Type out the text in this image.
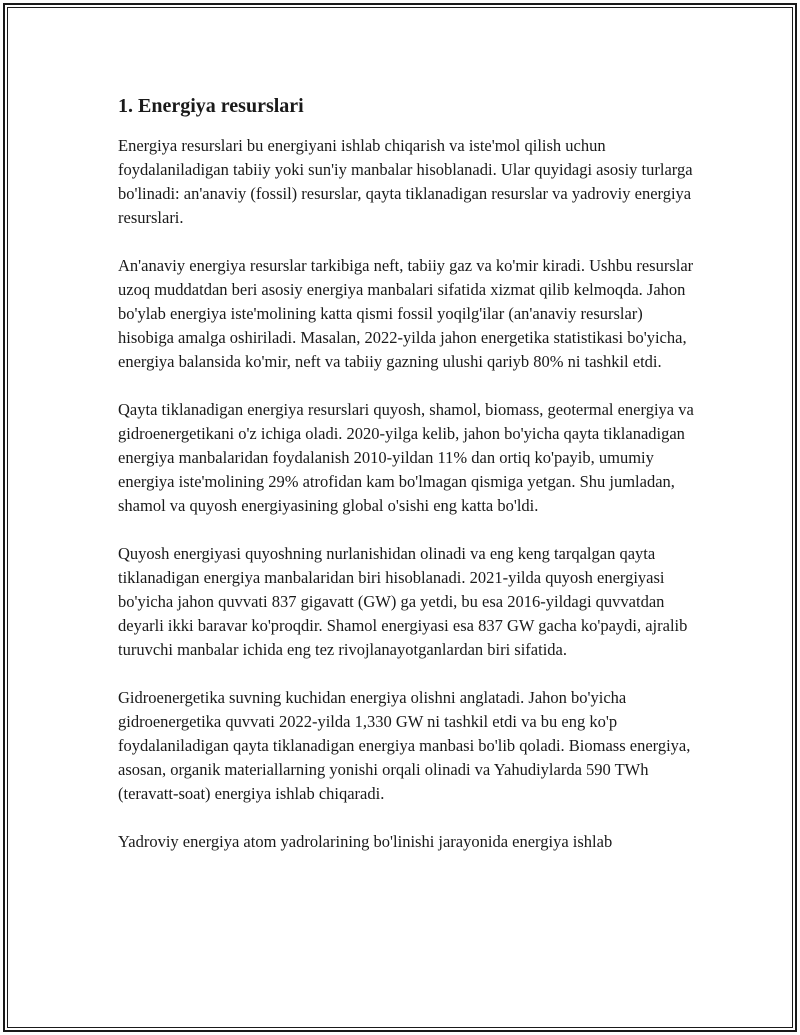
1. Energiya resurslari

Energiya resurslari bu energiyani ishlab chiqarish va iste'mol qilish uchun foydalaniladigan tabiiy yoki sun'iy manbalar hisoblanadi. Ular quyidagi asosiy turlarga bo'linadi: an'anaviy (fossil) resurslar, qayta tiklanadigan resurslar va yadroviy energiya resurslari.

An'anaviy energiya resurslar tarkibiga neft, tabiiy gaz va ko'mir kiradi. Ushbu resurslar uzoq muddatdan beri asosiy energiya manbalari sifatida xizmat qilib kelmoqda. Jahon bo'ylab energiya iste'molining katta qismi fossil yoqilg'ilar (an'anaviy resurslar) hisobiga amalga oshiriladi. Masalan, 2022-yilda jahon energetika statistikasi bo'yicha, energiya balansida ko'mir, neft va tabiiy gazning ulushi qariyb 80% ni tashkil etdi.

Qayta tiklanadigan energiya resurslari quyosh, shamol, biomass, geotermal energiya va gidroenergetikani o'z ichiga oladi. 2020-yilga kelib, jahon bo'yicha qayta tiklanadigan energiya manbalaridan foydalanish 2010-yildan 11% dan ortiq ko'payib, umumiy energiya iste'molining 29% atrofidan kam bo'lmagan qismiga yetgan. Shu jumladan, shamol va quyosh energiyasining global o'sishi eng katta bo'ldi.

Quyosh energiyasi quyoshning nurlanishidan olinadi va eng keng tarqalgan qayta tiklanadigan energiya manbalaridan biri hisoblanadi. 2021-yilda quyosh energiyasi bo'yicha jahon quvvati 837 gigavatt (GW) ga yetdi, bu esa 2016-yildagi quvvatdan deyarli ikki baravar ko'proqdir. Shamol energiyasi esa 837 GW gacha ko'paydi, ajralib turuvchi manbalar ichida eng tez rivojlanayotganlardan biri sifatida.

Gidroenergetika suvning kuchidan energiya olishni anglatadi. Jahon bo'yicha gidroenergetika quvvati 2022-yilda 1,330 GW ni tashkil etdi va bu eng ko'p foydalaniladigan qayta tiklanadigan energiya manbasi bo'lib qoladi. Biomass energiya, asosan, organik materiallarning yonishi orqali olinadi va Yahudiylarda 590 TWh (teravatt-soat) energiya ishlab chiqaradi.

Yadroviy energiya atom yadrolarining bo'linishi jarayonida energiya ishlab
